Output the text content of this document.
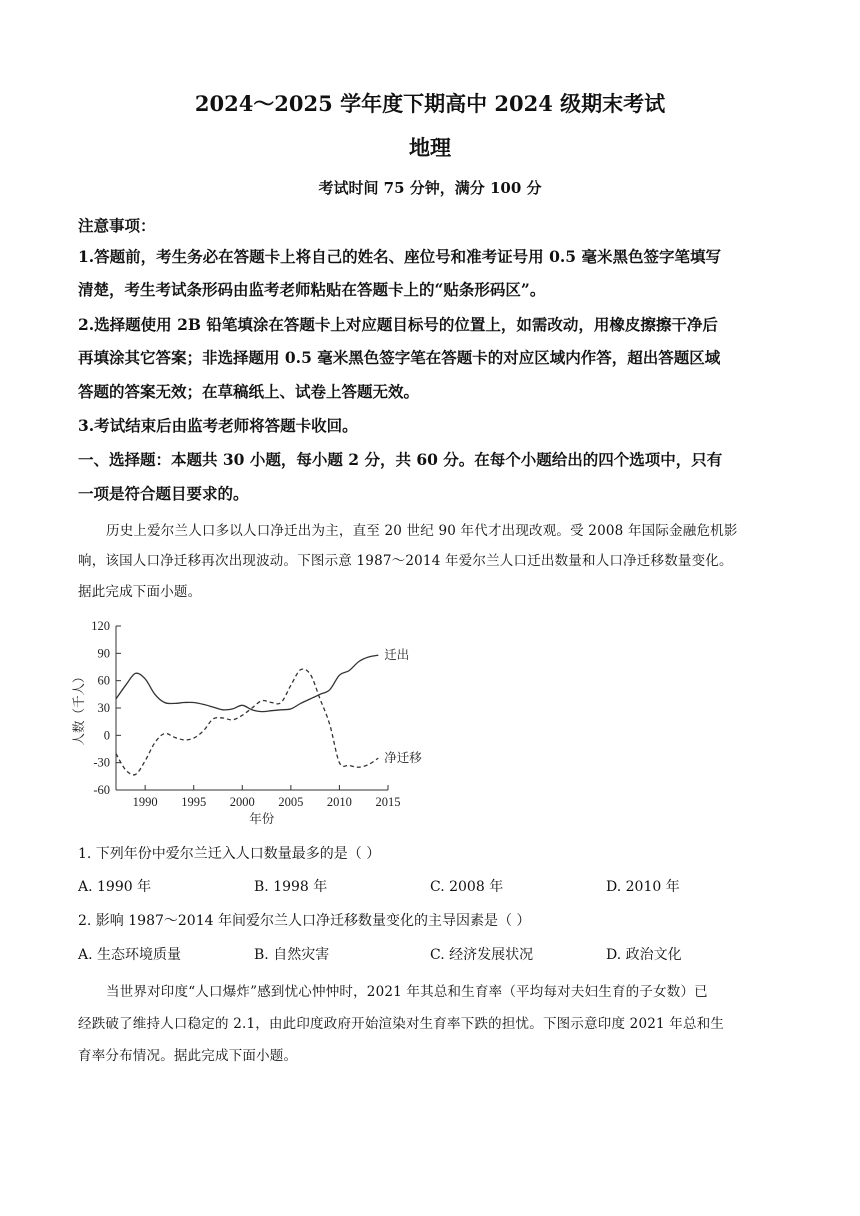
2024～2025 学年度下期高中 2024 级期末考试
地理
考试时间 75 分钟，满分 100 分
注意事项：
1.答题前，考生务必在答题卡上将自己的姓名、座位号和准考证号用 0.5 毫米黑色签字笔填写
清楚，考生考试条形码由监考老师粘贴在答题卡上的“贴条形码区”。
2.选择题使用 2B 铅笔填涂在答题卡上对应题目标号的位置上，如需改动，用橡皮擦擦干净后
再填涂其它答案；非选择题用 0.5 毫米黑色签字笔在答题卡的对应区域内作答，超出答题区域
答题的答案无效；在草稿纸上、试卷上答题无效。
3.考试结束后由监考老师将答题卡收回。
一、选择题：本题共 30 小题，每小题 2 分，共 60 分。在每个小题给出的四个选项中，只有
一项是符合题目要求的。
历史上爱尔兰人口多以人口净迁出为主，直至 20 世纪 90 年代才出现改观。受 2008 年国际金融危机影
响，该国人口净迁移再次出现波动。下图示意 1987～2014 年爱尔兰人口迁出数量和人口净迁移数量变化。
据此完成下面小题。
120
90
60
30
0
-30
-60
1990 1995 2000 2005 2010 2015
迁出
净迁移
年份
人数（千人）
1. 下列年份中爱尔兰迁入人口数量最多的是（ ）
A. 1990 年	B. 1998 年	C. 2008 年	D. 2010 年
2. 影响 1987～2014 年间爱尔兰人口净迁移数量变化的主导因素是（ ）
A. 生态环境质量	B. 自然灾害	C. 经济发展状况	D. 政治文化
当世界对印度“人口爆炸”感到忧心忡忡时，2021 年其总和生育率（平均每对夫妇生育的子女数）已
经跌破了维持人口稳定的 2.1，由此印度政府开始渲染对生育率下跌的担忧。下图示意印度 2021 年总和生
育率分布情况。据此完成下面小题。
